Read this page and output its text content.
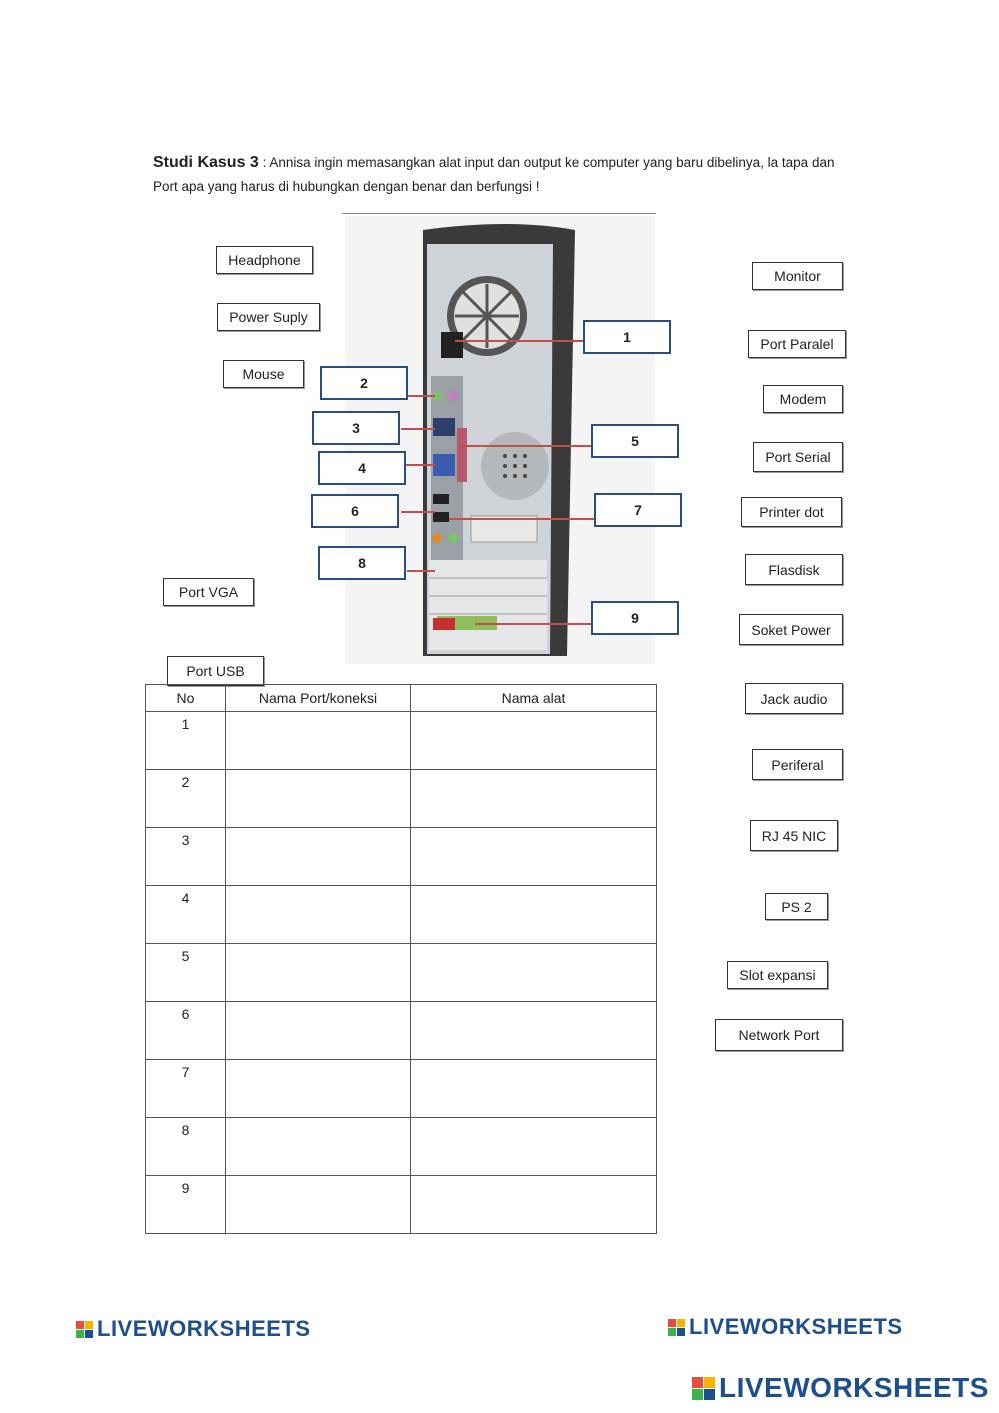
Studi Kasus 3 : Annisa ingin memasangkan alat input dan output ke computer yang baru dibelinya, la tapa dan Port apa yang harus di hubungkan dengan benar dan berfungsi !
1
2
3
4
5
6	7
8
9
Headphone
Power Suply
Mouse
Port VGA
Port USB
Monitor
Port Paralel
Modem
Port Serial
Printer dot
Flasdisk
Soket Power
Jack audio
Periferal
RJ 45 NIC
PS 2
Slot expansi
Network Port
No	Nama Port/koneksi	Nama alat
1		
2		
3		
4		
5		
6		
7		
8		
9		
LIVEWORKSHEETS	LIVEWORKSHEETS
LIVEWORKSHEETS
